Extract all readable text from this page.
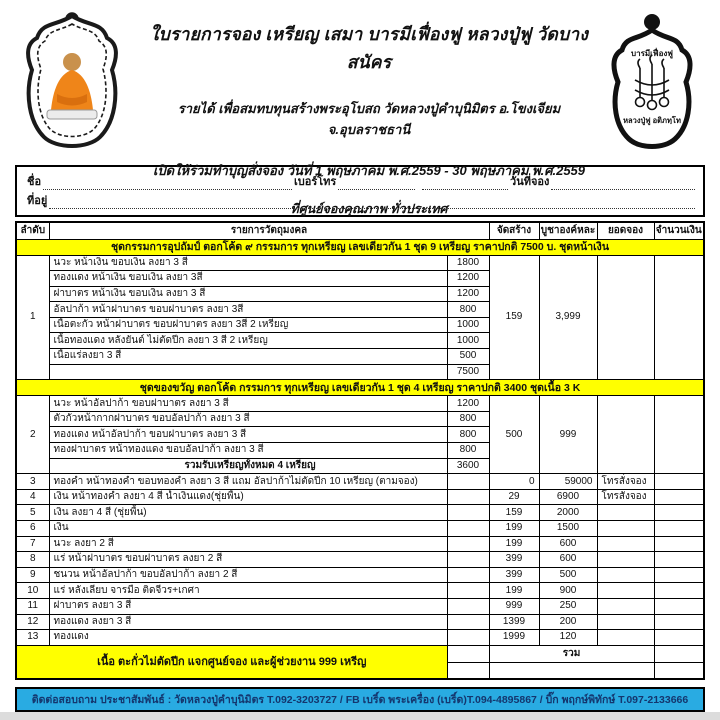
ใบรายการจอง เหรียญ เสมา บารมีเฟื่องฟู หลวงปู่ฟู วัดบางสนัคร
รายได้ เพื่อสมทบทุนสร้างพระอุโบสถ วัดหลวงปู่คำบุนิมิตร อ.โขงเจียม จ.อุบลราชธานี
เปิดให้ร่วมทำบุญสั่งจอง วันที่ 1 พฤษภาคม พ.ศ.2559 - 30 พฤษภาคม พ.ศ.2559
ที่ศูนย์จองคุณภาพ ทั่วประเทศ
บารมีเฟื่องฟู
หลวงปู่ฟู อติภทฺโท
ชื่อ	เบอร์โทร	วันที่จอง
ที่อยู่
ลำดับ	รายการวัตถุมงคล		จัดสร้าง	บูชาองค์หละ	ยอดจอง	จำนวนเงิน
ชุดกรรมการอุปถัมป์ ตอกโค้ด ๙ กรรมการ ทุกเหรียญ เลขเดียวกัน 1 ชุด 9 เหรียญ ราคาปกติ 7500 บ. ชุดหน้าเงิน						
1	นวะ หน้าเงิน ขอบเงิน ลงยา 3 สี	1800	159	3,999		
	ทองแดง หน้าเงิน ขอบเงิน ลงยา 3สี	1200				
	ฝาบาตร หน้าเงิน ขอบเงิน ลงยา 3 สี	1200				
	อัลปาก้า หน้าฝาบาตร ขอบฝาบาตร ลงยา 3สี	800				
	เนื้อตะกั่ว หน้าฝาบาตร ขอบฝาบาตร ลงยา 3สี 2 เหรียญ	1000				
	เนื้อทองแดง หลังยันต์ ไม่ตัดปีก ลงยา 3 สี 2 เหรียญ	1000				
	เนื้อแร่ลงยา 3 สี	500				
		7500				
ชุดของขวัญ ตอกโค้ด กรรมการ ทุกเหรียญ เลขเดียวกัน 1 ชุด 4 เหรียญ ราคาปกติ 3400 ชุดเนื้อ 3 K						
2	นวะ หน้าอัลปาก้า ขอบฝาบาตร ลงยา 3 สี	1200	500	999		
	ตัวกั่วหน้ากากฝาบาตร ขอบอัลปาก้า ลงยา 3 สี	800				
	ทองแดง หน้าอัลปาก้า ขอบฝาบาตร ลงยา 3 สี	800				
	ทองฝาบาตร หน้าทองแดง ขอบอัลปาก้า ลงยา 3 สี	800				
	รวมรับเหรียญทั้งหมด 4 เหรียญ	3600				
3	ทองคำ หน้าทองคำ ขอบทองคำ ลงยา 3 สี แถม อัลปาก้าไม่ตัดปีก 10 เหรียญ (ตามจอง)		0	59000	โทรสั่งจอง	
4	เงิน หน้าทองคำ ลงยา 4 สี น้ำเงินแดง(ชุ่ยพื้น)		29	6900	โทรสั่งจอง	
5	เงิน ลงยา 4 สี (ชุ่ยพื้น)		159	2000		
6	เงิน		199	1500		
7	นวะ ลงยา 2 สี		199	600		
8	แร่ หน้าฝาบาตร ขอบฝาบาตร ลงยา 2 สี		399	600		
9	ชนวน หน้าอัลปาก้า ขอบอัลปาก้า ลงยา 2 สี		399	500		
10	แร่ หลังเลียบ จารมือ ติดจีวร+เกศา		199	900		
11	ฝาบาตร ลงยา 3 สี		999	250		
12	ทองแดง ลงยา 3 สี		1399	200		
13	ทองแดง		1999	120		
เนื้อ ตะกั่วไม่ตัดปีก แจกศูนย์จอง และผู้ช่วยงาน 999 เหรีญ			รวม			

ติดต่อสอบถาม ประชาสัมพันธ์ : วัดหลวงปู่คำบุนิมิตร T.092-3203727 / FB เบริ์ด พระเครื่อง (เบริ์ด)T.094-4895867 / บิ๊ก พฤกษ์พิทักษ์ T.097-2133666
